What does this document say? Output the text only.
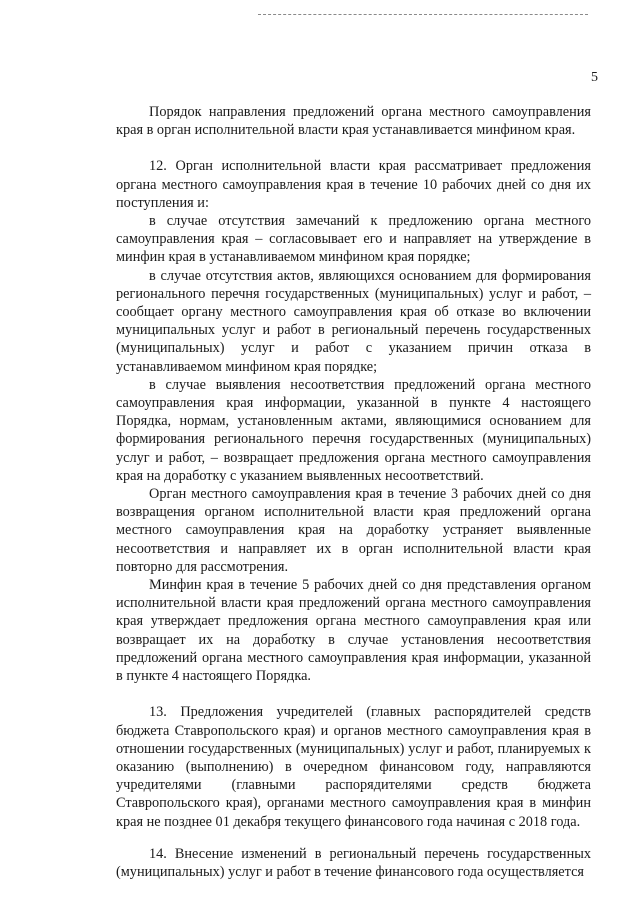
5

Порядок направления предложений органа местного самоуправления края в орган исполнительной власти края устанавливается минфином края.

12. Орган исполнительной власти края рассматривает предложения органа местного самоуправления края в течение 10 рабочих дней со дня их поступления и:

в случае отсутствия замечаний к предложению органа местного самоуправления края – согласовывает его и направляет на утверждение в минфин края в устанавливаемом минфином края порядке;

в случае отсутствия актов, являющихся основанием для формирования регионального перечня государственных (муниципальных) услуг и работ, – сообщает органу местного самоуправления края об отказе во включении муниципальных услуг и работ в региональный перечень государственных (муниципальных) услуг и работ с указанием причин отказа в устанавливаемом минфином края порядке;

в случае выявления несоответствия предложений органа местного самоуправления края информации, указанной в пункте 4 настоящего Порядка, нормам, установленным актами, являющимися основанием для формирования регионального перечня государственных (муниципальных) услуг и работ, – возвращает предложения органа местного самоуправления края на доработку с указанием выявленных несоответствий.

Орган местного самоуправления края в течение 3 рабочих дней со дня возвращения органом исполнительной власти края предложений органа местного самоуправления края на доработку устраняет выявленные несоответствия и направляет их в орган исполнительной власти края повторно для рассмотрения.

Минфин края в течение 5 рабочих дней со дня представления органом исполнительной власти края предложений органа местного самоуправления края утверждает предложения органа местного самоуправления края или возвращает их на доработку в случае установления несоответствия предложений органа местного самоуправления края информации, указанной в пункте 4 настоящего Порядка.

13. Предложения учредителей (главных распорядителей средств бюджета Ставропольского края) и органов местного самоуправления края в отношении государственных (муниципальных) услуг и работ, планируемых к оказанию (выполнению) в очередном финансовом году, направляются учредителями (главными распорядителями средств бюджета Ставропольского края), органами местного самоуправления края в минфин края не позднее 01 декабря текущего финансового года начиная с 2018 года.

14. Внесение изменений в региональный перечень государственных (муниципальных) услуг и работ в течение финансового года осуществляется
